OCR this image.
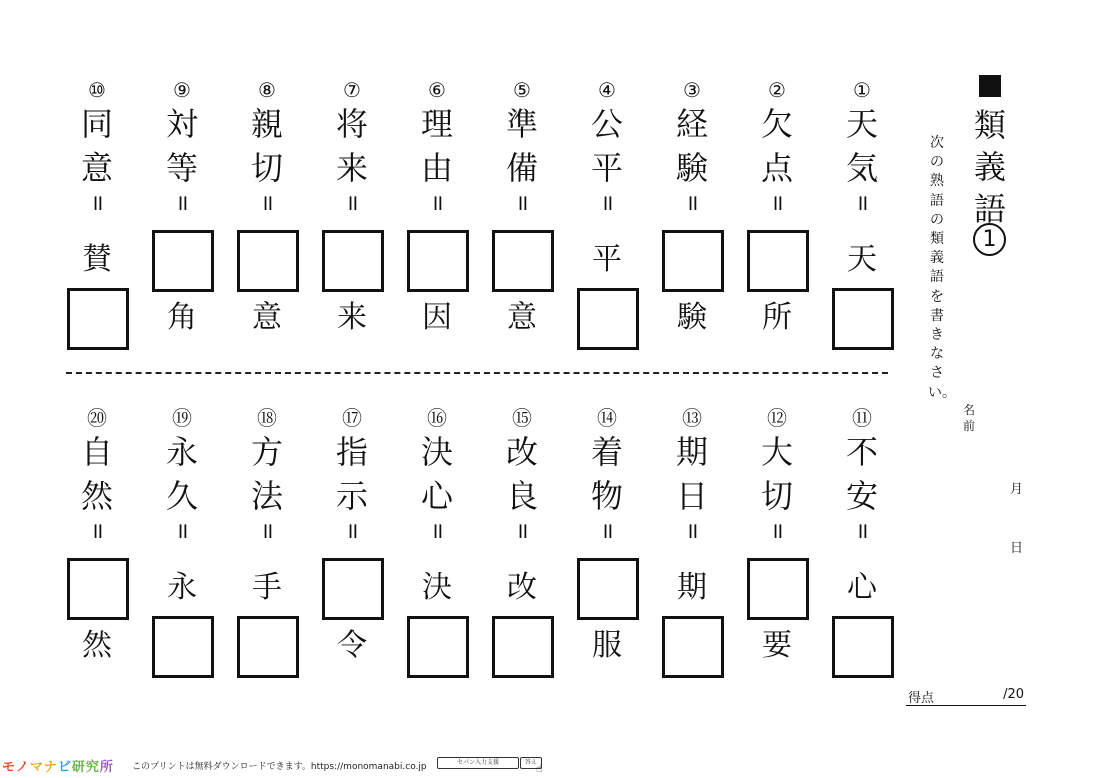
類義語
1
次の熟語の類義語を書きなさい。
名前
月
日
得点	/20
①
天
気
॥
天
②
欠
点
॥
所
③
経
験
॥
験
④
公
平
॥
平
⑤
準
備
॥
意
⑥
理
由
॥
因
⑦
将
来
॥
来
⑧
親
切
॥
意
⑨
対
等
॥
角
⑩
同
意
॥
賛
⑪
不
安
॥
心
⑫
大
切
॥
要
⑬
期
日
॥
期
⑭
着
物
॥
服
⑮
改
良
॥
改
⑯
決
心
॥
決
⑰
指
示
॥
令
⑱
方
法
॥
手
⑲
永
久
॥
永
⑳
自
然
॥
然
モノマナビ研究所 このプリントは無料ダウンロードできます。https://monomanabi.co.jp	セパン入力支援	答え ☝
